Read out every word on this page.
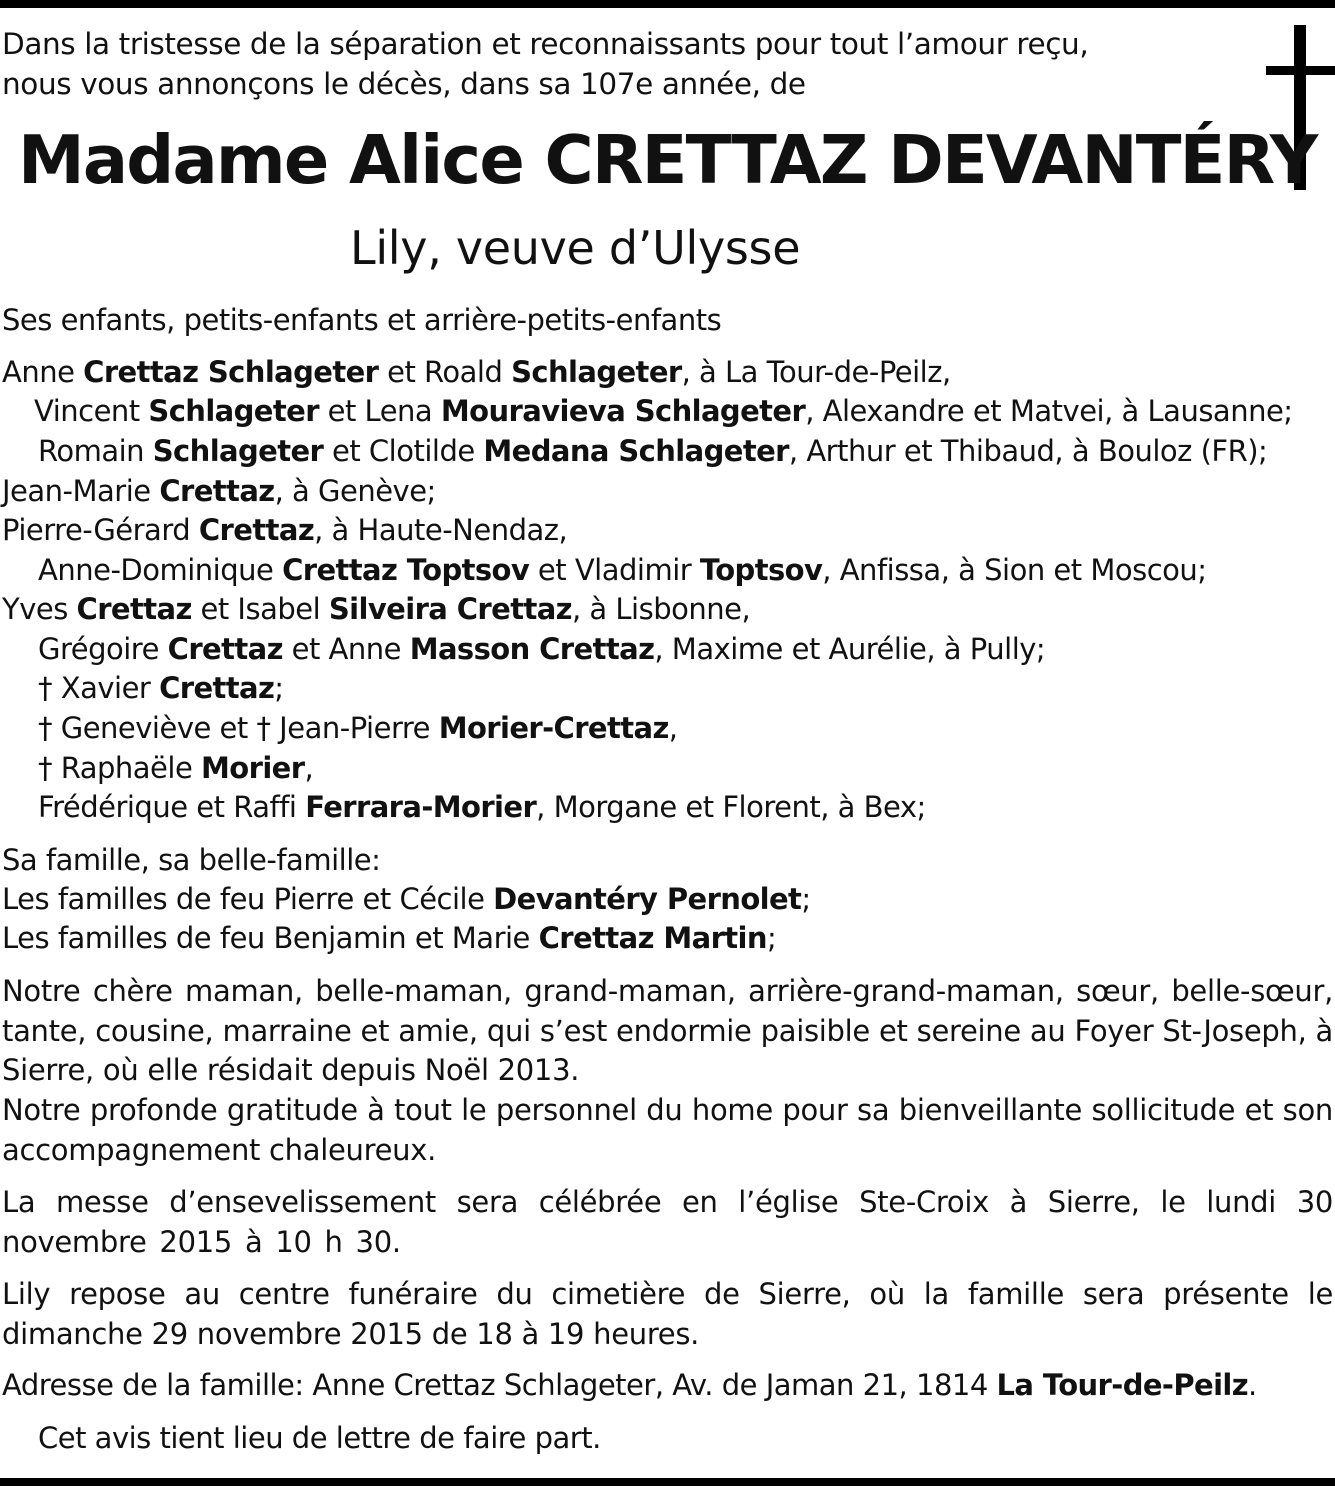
Dans la tristesse de la séparation et reconnaissants pour tout l’amour reçu,
nous vous annonçons le décès, dans sa 107e année, de
Madame Alice CRETTAZ DEVANTÉRY
Lily, veuve d’Ulysse
Ses enfants, petits-enfants et arrière-petits-enfants
Anne Crettaz Schlageter et Roald Schlageter, à La Tour-de-Peilz,
Vincent Schlageter et Lena Mouravieva Schlageter, Alexandre et Matvei, à Lausanne;
Romain Schlageter et Clotilde Medana Schlageter, Arthur et Thibaud, à Bouloz (FR);
Jean-Marie Crettaz, à Genève;
Pierre-Gérard Crettaz, à Haute-Nendaz,
Anne-Dominique Crettaz Toptsov et Vladimir Toptsov, Anfissa, à Sion et Moscou;
Yves Crettaz et Isabel Silveira Crettaz, à Lisbonne,
Grégoire Crettaz et Anne Masson Crettaz, Maxime et Aurélie, à Pully;
† Xavier Crettaz;
† Geneviève et † Jean-Pierre Morier-Crettaz,
† Raphaële Morier,
Frédérique et Raffi Ferrara-Morier, Morgane et Florent, à Bex;
Sa famille, sa belle-famille:
Les familles de feu Pierre et Cécile Devantéry Pernolet;
Les familles de feu Benjamin et Marie Crettaz Martin;
Notre chère maman, belle-maman, grand-maman, arrière-grand-maman, sœur, belle-sœur, tante, cousine, marraine et amie, qui s’est endormie paisible et sereine au Foyer St-Joseph, à Sierre, où elle résidait depuis Noël 2013.
Notre profonde gratitude à tout le personnel du home pour sa bienveillante sollicitude et son accompagnement chaleureux.
La messe d’ensevelissement sera célébrée en l’église Ste-Croix à Sierre, le lundi 30 novembre 2015 à 10 h 30.
Lily repose au centre funéraire du cimetière de Sierre, où la famille sera présente le dimanche 29 novembre 2015 de 18 à 19 heures.
Adresse de la famille: Anne Crettaz Schlageter, Av. de Jaman 21, 1814 La Tour-de-Peilz.
Cet avis tient lieu de lettre de faire part.
